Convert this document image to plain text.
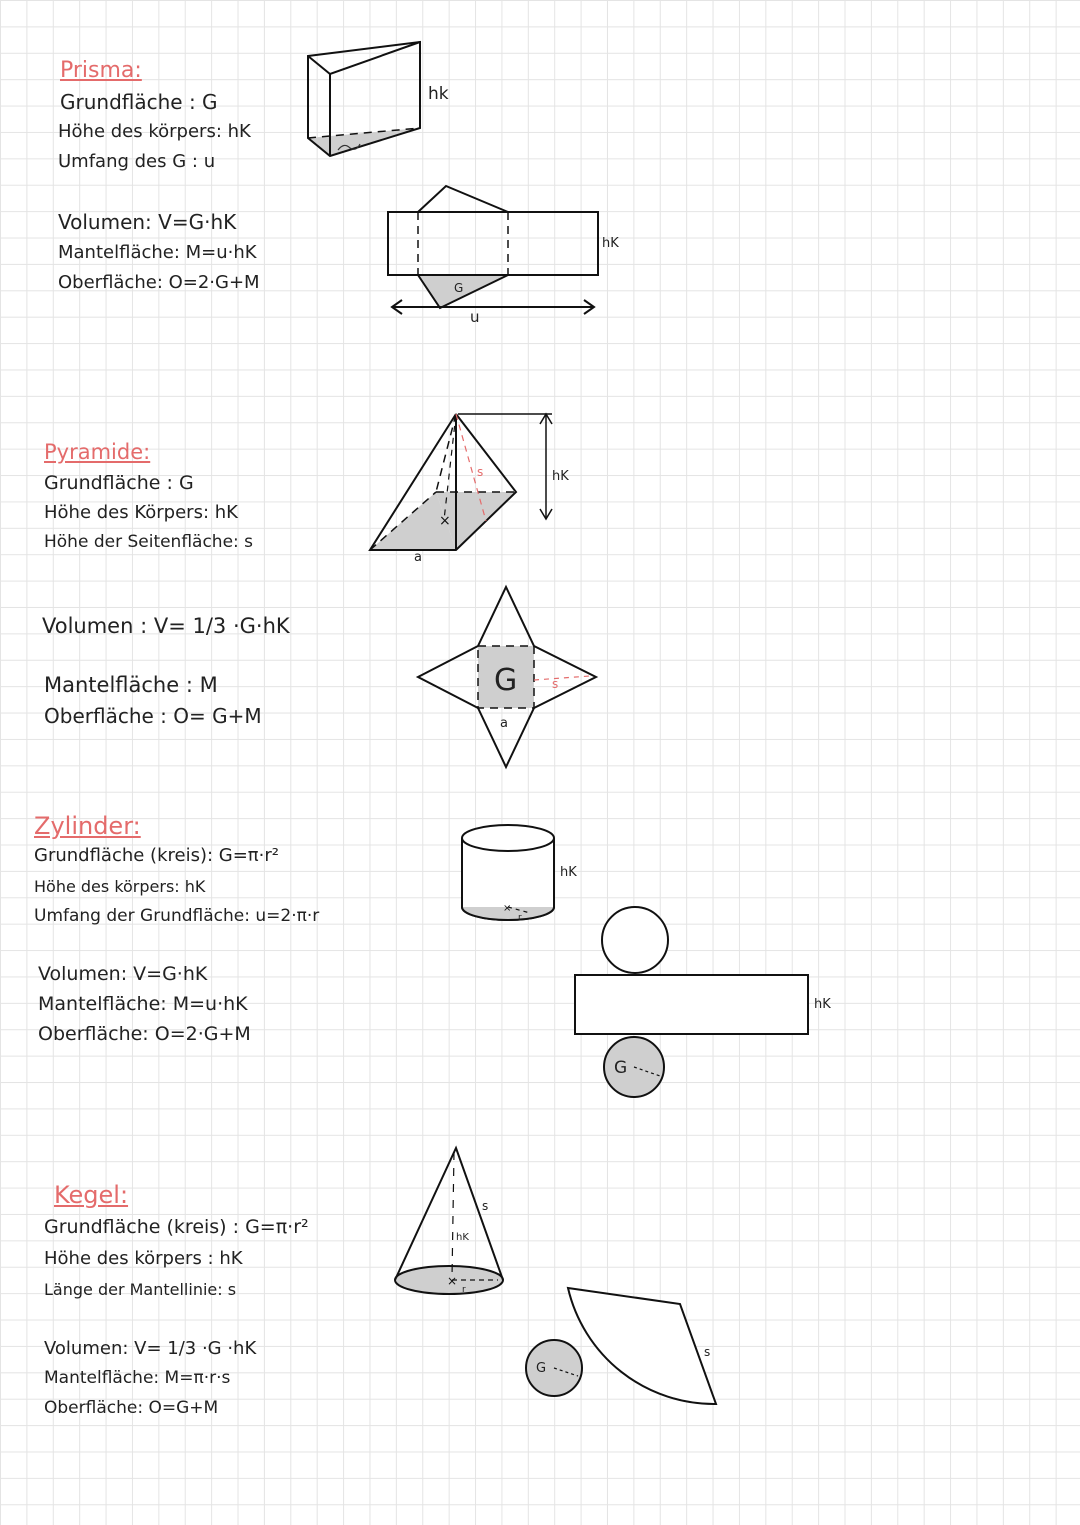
Prisma:
Grundfläche : G
Höhe des körpers: hK
Umfang des G : u
Volumen: V=G·hK
Mantelfläche: M=u·hK
Oberfläche: O=2·G+M
hk
G
u
hK
Pyramide:
Grundfläche : G
Höhe des Körpers: hK
Höhe der Seitenfläche: s
Volumen : V= 1/3 ·G·hK
Mantelfläche : M
Oberfläche : O= G+M
×
s	hK
a
G
a
s
Zylinder:
Grundfläche (kreis): G=π·r²
Höhe des körpers: hK
Umfang der Grundfläche: u=2·π·r
Volumen: V=G·hK
Mantelfläche: M=u·hK
Oberfläche: O=2·G+M
×
r
hK
G
hK
Kegel:
Grundfläche (kreis) : G=π·r²
Höhe des körpers : hK
Länge der Mantellinie: s
Volumen: V= 1/3 ·G ·hK
Mantelfläche: M=π·r·s
Oberfläche: O=G+M
×
r
hK
s
G
s
